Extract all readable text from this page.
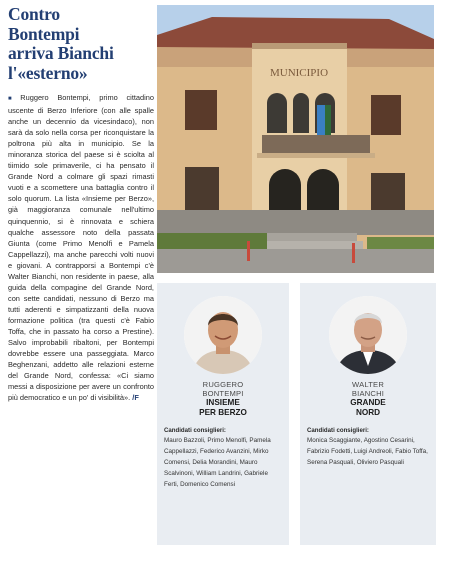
Contro
Bontempi
arriva Bianchi
l'«esterno»
■ Ruggero Bontempi, primo cittadino uscente di Berzo Inferiore (con alle spalle anche un decennio da vicesindaco), non sarà da solo nella corsa per riconquistare la poltrona più alta in municipio. Se la minoranza storica del paese si è sciolta al tiimido sole primaverile, ci ha pensato il Grande Nord a colmare gli spazi rimasti vuoti e a scomettere una battaglia contro il solo quorum. La lista «Insieme per Berzo», già maggioranza comunale nell'ultimo quinquennio, si è rinnovata e schiera qualche assessore noto della passata Giunta (come Primo Menolfi e Pamela Cappellazzi), ma anche parecchi volti nuovi e giovani. A contrapporsi a Bontempi c'è Walter Bianchi, non residente in paese, alla guida della compagine del Grande Nord, con sette candidati, nessuno di Berzo ma tutti aderenti e simpatizzanti della nuova formazione politica (tra questi c'è Fabio Toffa, che in passato ha corso a Prestine). Salvo improbabili ribaltoni, per Bontempi dovrebbe essere una passeggiata. Marco Beghenzani, addetto alle relazioni esterne del Grande Nord, confessa: «Ci siamo messi a disposizione per avere un confronto più democratico e un po' di visibilità». /F
MUNICIPIO
RUGGERO
BONTEMPI
INSIEME
PER BERZO
Candidati consiglieri:
Mauro Bazzoli, Primo Menolfi, Pamela Cappellazzi, Federico Avanzini, Mirko Comensi, Delia Morandini, Mauro Scalvinoni, William Landrini, Gabriele Ferti, Domenico Comensi
WALTER
BIANCHI
GRANDE
NORD
Candidati consiglieri:
Monica Scaggiante, Agostino Cesarini, Fabrizio Fodetti, Luigi Andreoli, Fabio Toffa, Serena Pasquali, Oliviero Pasquali
